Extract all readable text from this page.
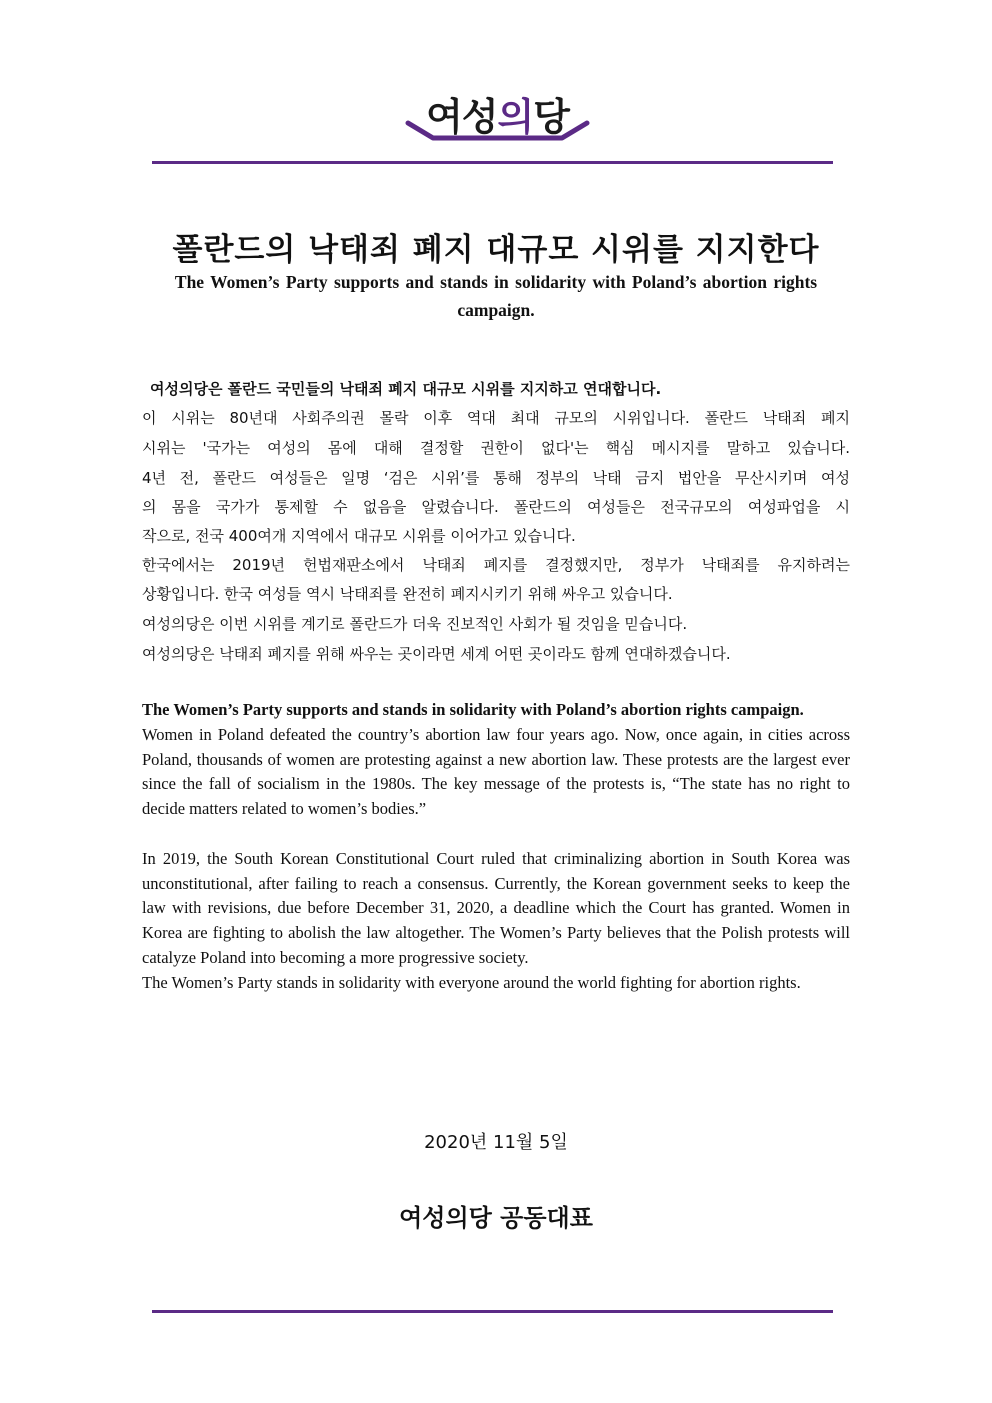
여성의당
폴란드의 낙태죄 폐지 대규모 시위를 지지한다
The Women’s Party supports and stands in solidarity with Poland’s abortion rights campaign.
여성의당은 폴란드 국민들의 낙태죄 폐지 대규모 시위를 지지하고 연대합니다.
이 시위는 80년대 사회주의권 몰락 이후 역대 최대 규모의 시위입니다. 폴란드 낙태죄 폐지
시위는 '국가는 여성의 몸에 대해 결정할 권한이 없다'는 핵심 메시지를 말하고 있습니다.
4년 전, 폴란드 여성들은 일명 ‘검은 시위’를 통해 정부의 낙태 금지 법안을 무산시키며 여성
의 몸을 국가가 통제할 수 없음을 알렸습니다. 폴란드의 여성들은 전국규모의 여성파업을 시
작으로, 전국 400여개 지역에서 대규모 시위를 이어가고 있습니다.
한국에서는 2019년 헌법재판소에서 낙태죄 폐지를 결정했지만, 정부가 낙태죄를 유지하려는
상황입니다. 한국 여성들 역시 낙태죄를 완전히 폐지시키기 위해 싸우고 있습니다.
여성의당은 이번 시위를 계기로 폴란드가 더욱 진보적인 사회가 될 것임을 믿습니다.
여성의당은 낙태죄 폐지를 위해 싸우는 곳이라면 세계 어떤 곳이라도 함께 연대하겠습니다.

The Women’s Party supports and stands in solidarity with Poland’s abortion rights campaign.

Women in Poland defeated the country’s abortion law four years ago. Now, once again, in cities across Poland, thousands of women are protesting against a new abortion law. These protests are the largest ever since the fall of socialism in the 1980s. The key message of the protests is, “The state has no right to decide matters related to women’s bodies.”

In 2019, the South Korean Constitutional Court ruled that criminalizing abortion in South Korea was unconstitutional, after failing to reach a consensus. Currently, the Korean government seeks to keep the law with revisions, due before December 31, 2020, a deadline which the Court has granted. Women in Korea are fighting to abolish the law altogether. The Women’s Party believes that the Polish protests will catalyze Poland into becoming a more progressive society.

The Women’s Party stands in solidarity with everyone around the world fighting for abortion rights.

2020년 11월 5일
여성의당 공동대표
